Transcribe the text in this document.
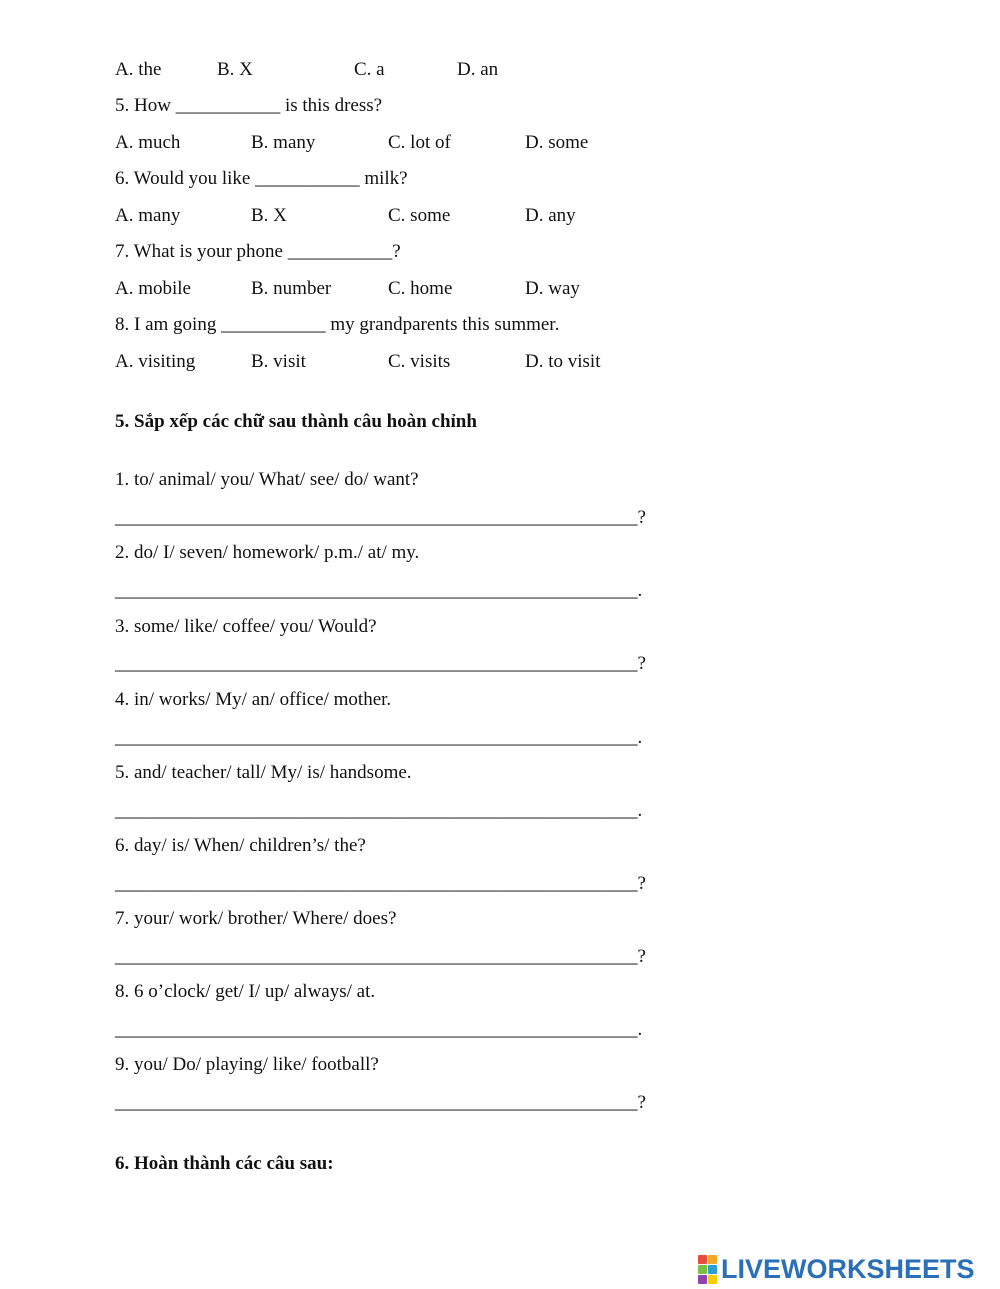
A. the	B. X	C. a	D. an
5. How ___________ is this dress?
A. much	B. many	C. lot of	D. some
6. Would you like ___________ milk?
A. many	B. X	C. some	D. any
7. What is your phone ___________?
A. mobile	B. number	C. home	D. way
8. I am going ___________ my grandparents this summer.
A. visiting	B. visit	C. visits	D. to visit
5. Sắp xếp các chữ sau thành câu hoàn chỉnh
1. to/ animal/ you/ What/ see/ do/ want?
_______________________________________________________?
2. do/ I/ seven/ homework/ p.m./ at/ my.
_______________________________________________________.
3. some/ like/ coffee/ you/ Would?
_______________________________________________________?
4. in/ works/ My/ an/ office/ mother.
_______________________________________________________.
5. and/ teacher/ tall/ My/ is/ handsome.
_______________________________________________________.
6. day/ is/ When/ children’s/ the?
_______________________________________________________?
7. your/ work/ brother/ Where/ does?
_______________________________________________________?
8. 6 o’clock/ get/ I/ up/ always/ at.
_______________________________________________________.
9. you/ Do/ playing/ like/ football?
_______________________________________________________?
6. Hoàn thành các câu sau:
LIVEWORKSHEETS
